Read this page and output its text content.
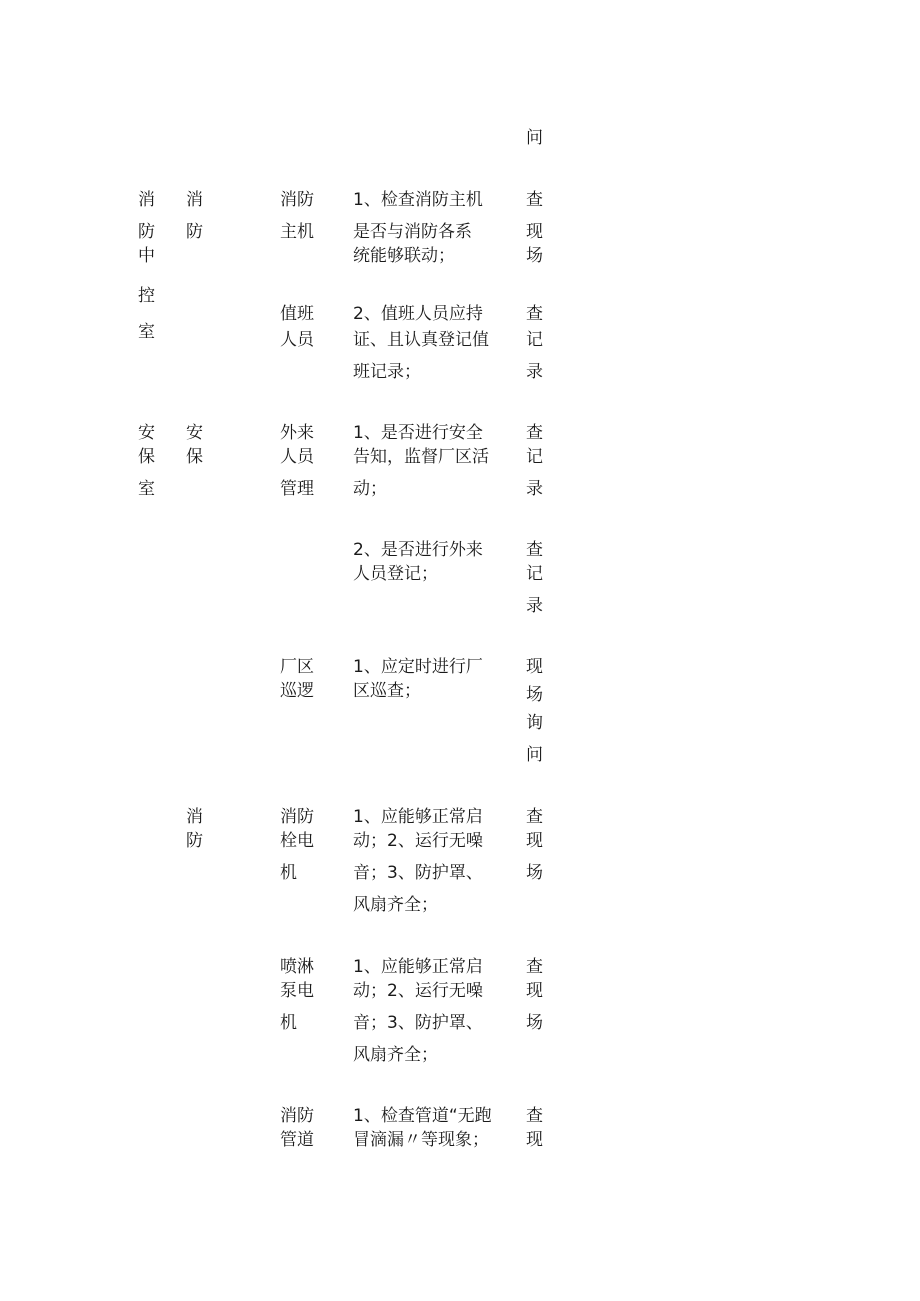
问
消
防
中
控
室
消
防
消防
主机
1、检查消防主机
是否与消防各系
统能够联动；
查
现
场
值班
人员
2、值班人员应持
证、且认真登记值
班记录；
查
记
录
安
保
室
安
保
外来
人员
管理
1、是否进行安全
告知，监督厂区活
动；
查
记
录
2、是否进行外来
人员登记；
查
记
录
厂区
巡逻
1、应定时进行厂
区巡查；
现
场
询
问
消
防
消防
栓电
机
1、应能够正常启
动；2、运行无噪
音；3、防护罩、
风扇齐全；
查
现
场
喷淋
泵电
机
1、应能够正常启
动；2、运行无噪
音；3、防护罩、
风扇齐全；
查
现
场
消防
管道
1、检查管道“无跑
冒滴漏〃等现象；
查
现
